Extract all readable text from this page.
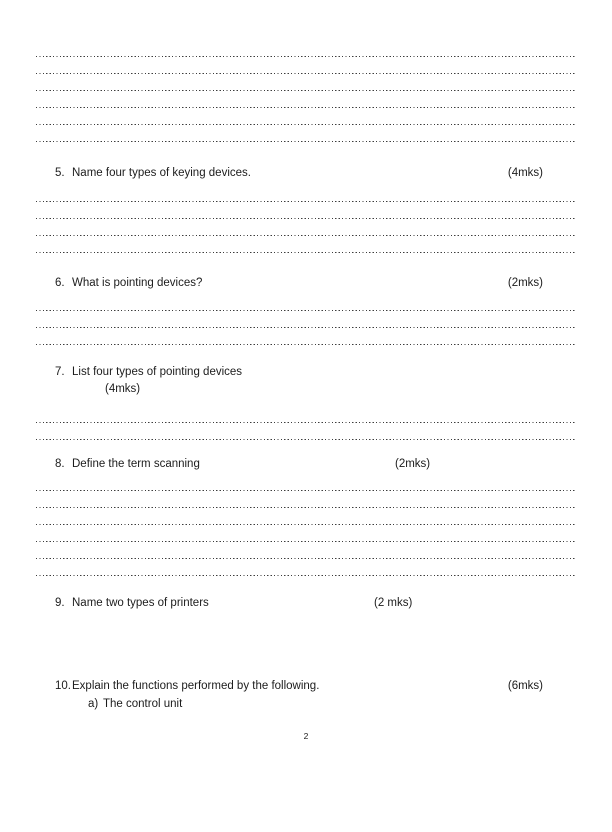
5. Name four types of keying devices.	(4mks)
6. What is pointing devices?	(2mks)
7. List four types of pointing devices
(4mks)
8. Define the term scanning	(2mks)
9. Name two types of printers	(2 mks)
10. Explain the functions performed by the following.	(6mks)
a) The control unit
2
